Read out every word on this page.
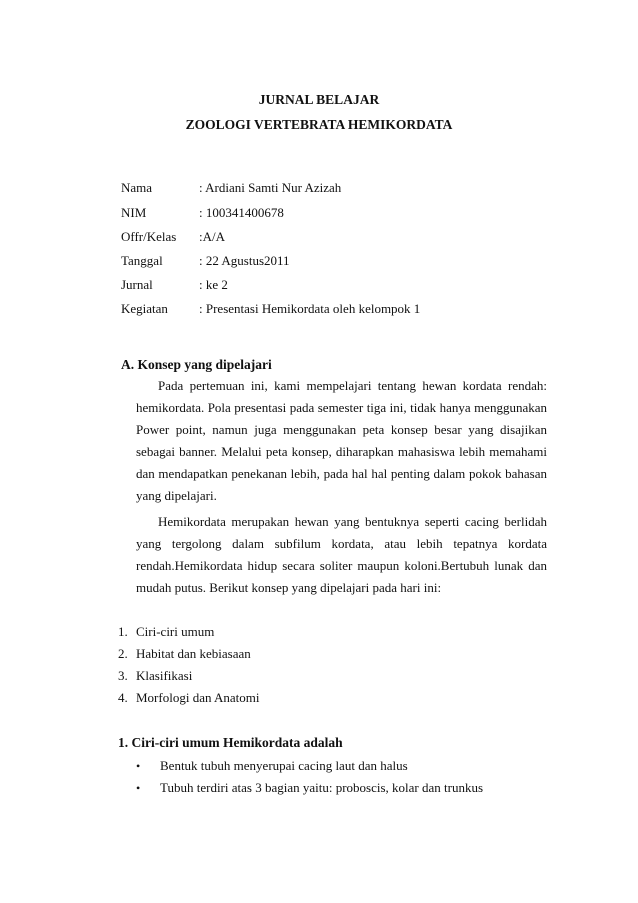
JURNAL BELAJAR
ZOOLOGI VERTEBRATA HEMIKORDATA
Nama	: Ardiani Samti Nur Azizah
NIM	: 100341400678
Offr/Kelas :A/A
Tanggal	: 22 Agustus2011
Jurnal	: ke 2
Kegiatan : Presentasi Hemikordata oleh kelompok 1
A. Konsep yang dipelajari
Pada pertemuan ini, kami mempelajari tentang hewan kordata rendah:
hemikordata. Pola presentasi pada semester tiga ini, tidak hanya menggunakan
Power point, namun juga menggunakan peta konsep besar yang disajikan
sebagai banner. Melalui peta konsep, diharapkan mahasiswa lebih memahami
dan mendapatkan penekanan lebih, pada hal hal penting dalam pokok bahasan
yang dipelajari.
Hemikordata merupakan hewan yang bentuknya seperti cacing berlidah
yang tergolong dalam subfilum kordata, atau lebih tepatnya kordata
rendah.Hemikordata hidup secara soliter maupun koloni.Bertubuh lunak dan
mudah putus. Berikut konsep yang dipelajari pada hari ini:
1. Ciri-ciri umum
2. Habitat dan kebiasaan
3. Klasifikasi
4. Morfologi dan Anatomi
1. Ciri-ciri umum Hemikordata adalah
• Bentuk tubuh menyerupai cacing laut dan halus
• Tubuh terdiri atas 3 bagian yaitu: proboscis, kolar dan trunkus
